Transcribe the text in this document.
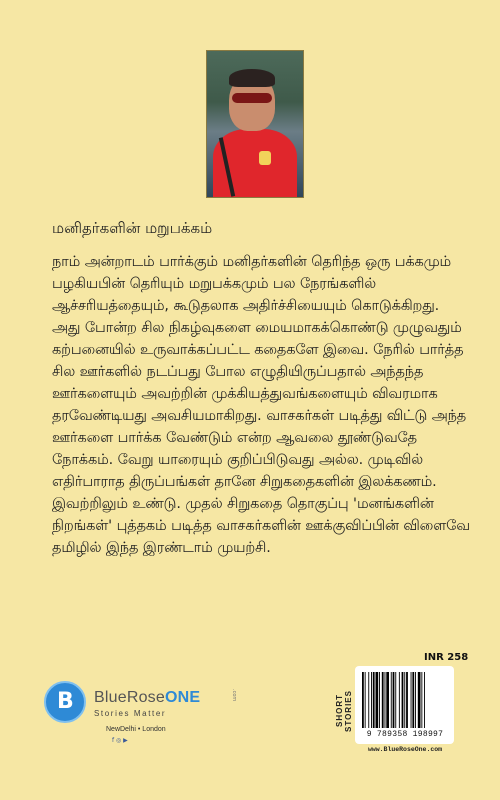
மனிதர்களின் மறுபக்கம்

நாம் அன்றாடம் பார்க்கும் மனிதர்களின் தெரிந்த ஒரு பக்கமும் பழகியபின் தெரியும் மறுபக்கமும் பல நேரங்களில் ஆச்சரியத்தையும், கூடுதலாக அதிர்ச்சியையும் கொடுக்கிறது. அது போன்ற சில நிகழ்வுகளை மையமாகக்கொண்டு முழுவதும் கற்பனையில் உருவாக்கப்பட்ட கதைகளே இவை. நேரில் பார்த்த சில ஊர்களில் நடப்பது போல எழுதியிருப்பதால் அந்தந்த ஊர்களையும் அவற்றின் முக்கியத்துவங்களையும் விவரமாக தரவேண்டியது அவசியமாகிறது. வாசகர்கள் படித்து விட்டு அந்த ஊர்களை பார்க்க வேண்டும் என்ற ஆவலை தூண்டுவதே நோக்கம். வேறு யாரையும் குறிப்பிடுவது அல்ல. முடிவில் எதிர்பாராத திருப்பங்கள் தானே சிறுகதைகளின் இலக்கணம். இவற்றிலும் உண்டு. முதல் சிறுகதை தொகுப்பு 'மனங்களின் நிறங்கள்' புத்தகம் படித்த வாசகர்களின் ஊக்குவிப்பின் விளைவே தமிழில் இந்த இரண்டாம் முயற்சி.

INR 258
B BlueRoseONE	.com
Stories Matter
NewDelhi • London
f ◎ ▶
SHORT STORIES
9 789358 198997
www.BlueRoseOne.com
